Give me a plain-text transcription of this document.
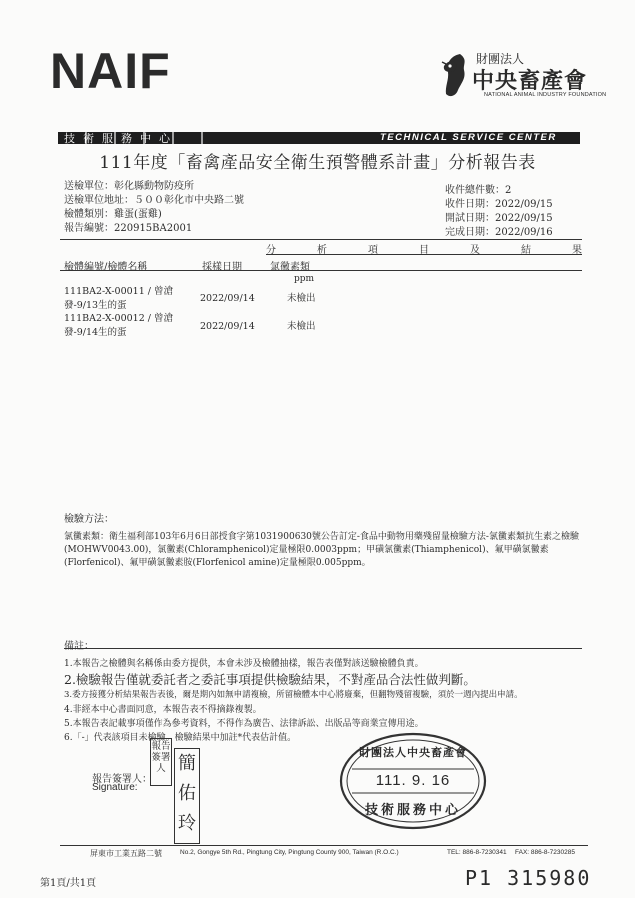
NAIF	財團法人
中央畜產會
NATIONAL ANIMAL INDUSTRY FOUNDATION
技術服務中心	TECHNICAL SERVICE CENTER
111年度「畜禽產品安全衛生預警體系計畫」分析報告表
送檢單位：彰化縣動物防疫所
送檢單位地址：５００彰化市中央路二號
檢體類別：雞蛋(蛋雞)
報告編號：220915BA2001
收件總件數：2
收件日期：2022/09/15
開試日期：2022/09/15
完成日期：2022/09/16
分	析	項	目	及	結	果
檢體編號/檢體名稱	採樣日期	氯黴素類
ppm
111BA2-X-00011 / 曾滄發-9/13生的蛋
2022/09/14	未檢出
111BA2-X-00012 / 曾滄發-9/14生的蛋
2022/09/14	未檢出
檢驗方法：
氯黴素類：衛生福利部103年6月6日部授食字第1031900630號公告訂定-食品中動物用藥殘留量檢驗方法-氯黴素類抗生素之檢驗(MOHWV0043.00)，氯黴素(Chloramphenicol)定量極限0.0003ppm；甲磺氯黴素(Thiamphenicol)、氟甲磺氯黴素(Florfenicol)、氟甲磺氯黴素胺(Florfenicol amine)定量極限0.005ppm。
備註：
1.本報告之檢體與名稱係由委方提供，本會未涉及檢體抽樣，報告表僅對該送驗檢體負責。
2.檢驗報告僅就委託者之委託事項提供檢驗結果，不對產品合法性做判斷。
3.委方接獲分析結果報告表後，爾是期內如無申請複檢，所留檢體本中心將廢棄，但翻物殘留複驗，須於一週內提出申請。
4.非經本中心書面同意，本報告表不得摘錄複製。
5.本報告表記載事項僅作為參考資料，不得作為廣告、法律訴訟、出版品等商業宣傳用途。
6.「-」代表該項目未檢驗。檢驗結果中加註*代表估計值。
報告簽署人：
Signature:
報告
簽署人 簡
佑
玲
財團法人中央畜產會
111. 9. 16
技術服務中心
屏東市工業五路二號	No.2, Gongye 5th Rd., Pingtung City, Pingtung County 900, Taiwan (R.O.C.)	TEL: 886-8-7230341 FAX: 886-8-7230285
第1頁/共1頁	P1 315980
